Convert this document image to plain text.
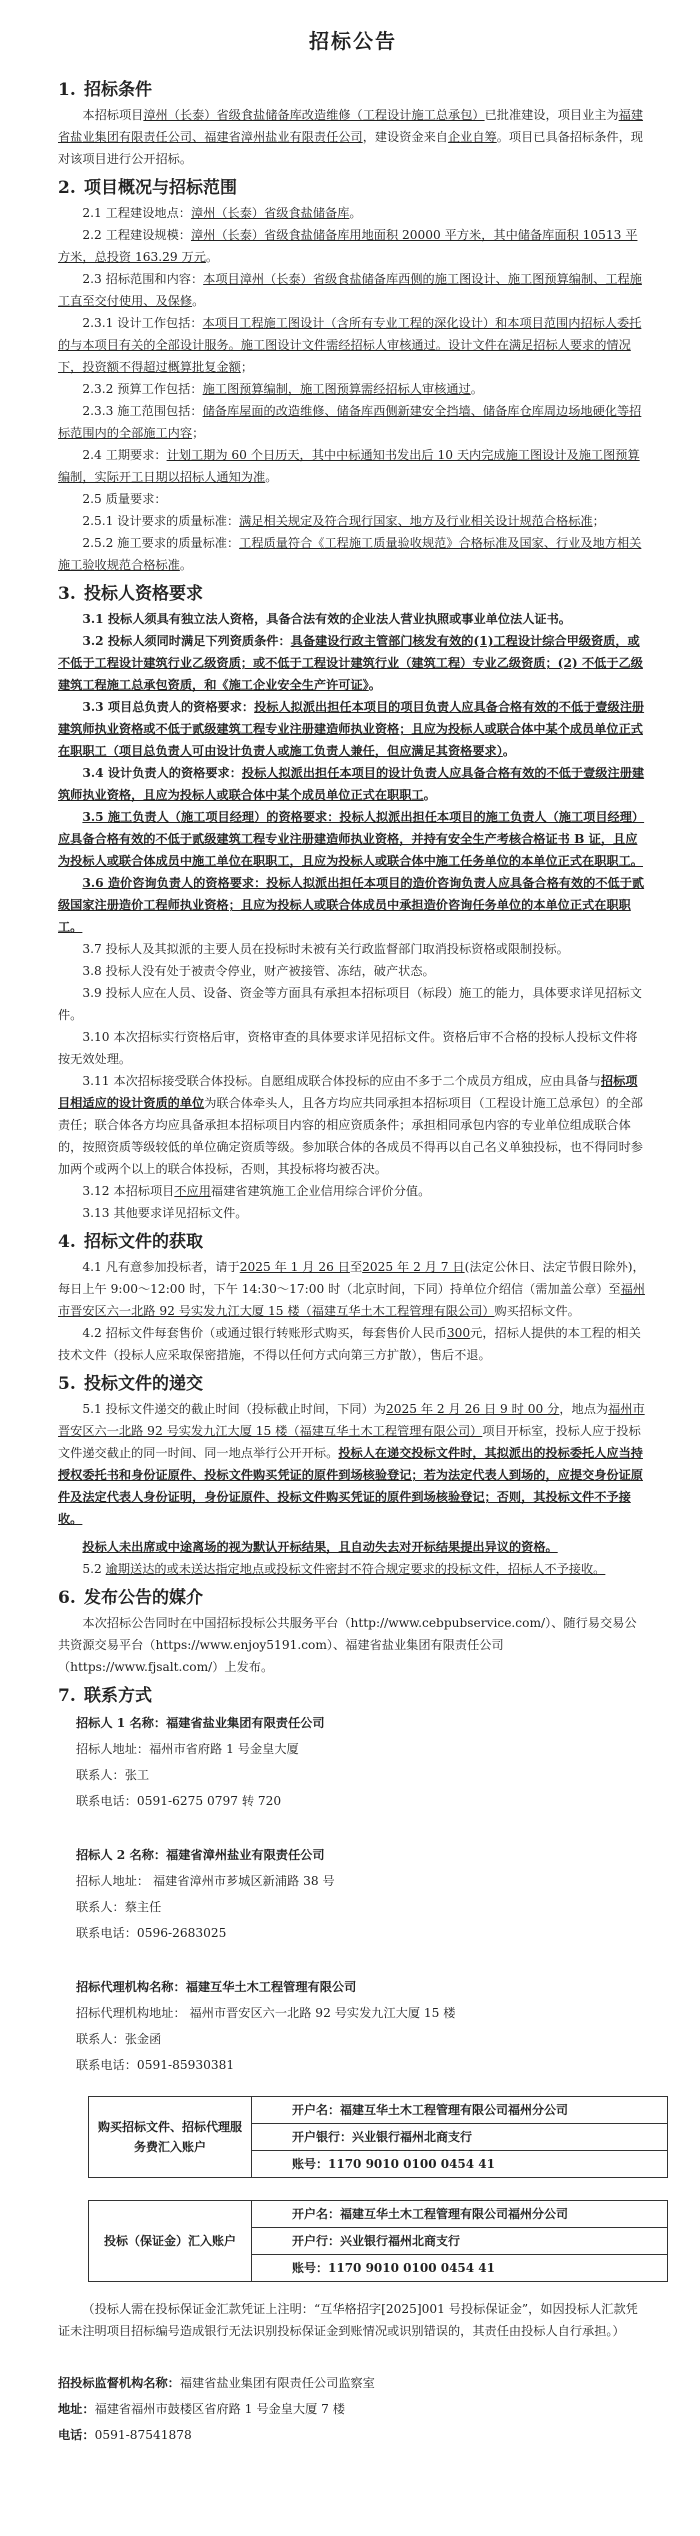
招标公告
1. 招标条件

本招标项目漳州（长泰）省级食盐储备库改造维修（工程设计施工总承包）已批准建设，项目业主为福建省盐业集团有限责任公司、福建省漳州盐业有限责任公司，建设资金来自企业自筹。项目已具备招标条件，现对该项目进行公开招标。

2. 项目概况与招标范围

2.1 工程建设地点：漳州（长泰）省级食盐储备库。

2.2 工程建设规模：漳州（长泰）省级食盐储备库用地面积 20000 平方米，其中储备库面积 10513 平方米，总投资 163.29 万元。

2.3 招标范围和内容：本项目漳州（长泰）省级食盐储备库西侧的施工图设计、施工图预算编制、工程施工直至交付使用、及保修。

2.3.1 设计工作包括：本项目工程施工图设计（含所有专业工程的深化设计）和本项目范围内招标人委托的与本项目有关的全部设计服务。施工图设计文件需经招标人审核通过。设计文件在满足招标人要求的情况下，投资额不得超过概算批复金额；

2.3.2 预算工作包括：施工图预算编制，施工图预算需经招标人审核通过。

2.3.3 施工范围包括：储备库屋面的改造维修、储备库西侧新建安全挡墙、储备库仓库周边场地硬化等招标范围内的全部施工内容；

2.4 工期要求：计划工期为 60 个日历天，其中中标通知书发出后 10 天内完成施工图设计及施工图预算编制，实际开工日期以招标人通知为准。

2.5 质量要求：

2.5.1 设计要求的质量标准：满足相关规定及符合现行国家、地方及行业相关设计规范合格标准；

2.5.2 施工要求的质量标准：工程质量符合《工程施工质量验收规范》合格标准及国家、行业及地方相关施工验收规范合格标准。

3. 投标人资格要求

3.1 投标人须具有独立法人资格，具备合法有效的企业法人营业执照或事业单位法人证书。

3.2 投标人须同时满足下列资质条件：具备建设行政主管部门核发有效的(1)工程设计综合甲级资质，或不低于工程设计建筑行业乙级资质；或不低于工程设计建筑行业（建筑工程）专业乙级资质；(2) 不低于乙级建筑工程施工总承包资质，和《施工企业安全生产许可证》。

3.3 项目总负责人的资格要求：投标人拟派出担任本项目的项目负责人应具备合格有效的不低于壹级注册建筑师执业资格或不低于贰级建筑工程专业注册建造师执业资格；且应为投标人或联合体中某个成员单位正式在职职工（项目总负责人可由设计负责人或施工负责人兼任，但应满足其资格要求）。

3.4 设计负责人的资格要求：投标人拟派出担任本项目的设计负责人应具备合格有效的不低于壹级注册建筑师执业资格，且应为投标人或联合体中某个成员单位正式在职职工。

3.5 施工负责人（施工项目经理）的资格要求：投标人拟派出担任本项目的施工负责人（施工项目经理）应具备合格有效的不低于贰级建筑工程专业注册建造师执业资格，并持有安全生产考核合格证书 B 证，且应为投标人或联合体成员中施工单位在职职工，且应为投标人或联合体中施工任务单位的本单位正式在职职工。

3.6 造价咨询负责人的资格要求：投标人拟派出担任本项目的造价咨询负责人应具备合格有效的不低于贰级国家注册造价工程师执业资格；且应为投标人或联合体成员中承担造价咨询任务单位的本单位正式在职职工。

3.7 投标人及其拟派的主要人员在投标时未被有关行政监督部门取消投标资格或限制投标。

3.8 投标人没有处于被责令停业，财产被接管、冻结，破产状态。

3.9 投标人应在人员、设备、资金等方面具有承担本招标项目（标段）施工的能力，具体要求详见招标文件。

3.10 本次招标实行资格后审，资格审查的具体要求详见招标文件。资格后审不合格的投标人投标文件将按无效处理。

3.11 本次招标接受联合体投标。自愿组成联合体投标的应由不多于二个成员方组成，应由具备与招标项目相适应的设计资质的单位为联合体牵头人，且各方均应共同承担本招标项目（工程设计施工总承包）的全部责任；联合体各方均应具备承担本招标项目内容的相应资质条件；承担相同承包内容的专业单位组成联合体的，按照资质等级较低的单位确定资质等级。参加联合体的各成员不得再以自己名义单独投标，也不得同时参加两个或两个以上的联合体投标，否则，其投标将均被否决。

3.12 本招标项目不应用福建省建筑施工企业信用综合评价分值。

3.13 其他要求详见招标文件。

4. 招标文件的获取

4.1 凡有意参加投标者，请于2025 年 1 月 26 日至2025 年 2 月 7 日(法定公休日、法定节假日除外)，每日上午 9:00～12:00 时，下午 14:30～17:00 时（北京时间，下同）持单位介绍信（需加盖公章）至福州市晋安区六一北路 92 号实发九江大厦 15 楼（福建互华土木工程管理有限公司）购买招标文件。

4.2 招标文件每套售价（或通过银行转账形式购买，每套售价人民币300元，招标人提供的本工程的相关技术文件（投标人应采取保密措施，不得以任何方式向第三方扩散），售后不退。

5. 投标文件的递交

5.1 投标文件递交的截止时间（投标截止时间，下同）为2025 年 2 月 26 日 9 时 00 分，地点为福州市晋安区六一北路 92 号实发九江大厦 15 楼（福建互华土木工程管理有限公司）项目开标室，投标人应于投标文件递交截止的同一时间、同一地点举行公开开标。投标人在递交投标文件时，其拟派出的投标委托人应当持授权委托书和身份证原件、投标文件购买凭证的原件到场核验登记；若为法定代表人到场的，应提交身份证原件及法定代表人身份证明，身份证原件、投标文件购买凭证的原件到场核验登记；否则，其投标文件不予接收。

投标人未出席或中途离场的视为默认开标结果，且自动失去对开标结果提出异议的资格。

5.2 逾期送达的或未送达指定地点或投标文件密封不符合规定要求的投标文件，招标人不予接收。

6. 发布公告的媒介

本次招标公告同时在中国招标投标公共服务平台（http://www.cebpubservice.com/）、随行易交易公共资源交易平台（https://www.enjoy5191.com）、福建省盐业集团有限责任公司（https://www.fjsalt.com/）上发布。

7. 联系方式

招标人 1 名称：福建省盐业集团有限责任公司

招标人地址：福州市省府路 1 号金皇大厦

联系人：张工

联系电话：0591-6275 0797 转 720

招标人 2 名称：福建省漳州盐业有限责任公司

招标人地址： 福建省漳州市芗城区新浦路 38 号

联系人：蔡主任

联系电话：0596-2683025

招标代理机构名称：福建互华土木工程管理有限公司

招标代理机构地址： 福州市晋安区六一北路 92 号实发九江大厦 15 楼

联系人：张金函

联系电话：0591-85930381

购买招标文件、招标代理服务费汇入账户	开户名：福建互华土木工程管理有限公司福州分公司
开户银行：兴业银行福州北商支行
账号：1170 9010 0100 0454 41
投标（保证金）汇入账户	开户名：福建互华土木工程管理有限公司福州分公司
开户行：兴业银行福州北商支行
账号：1170 9010 0100 0454 41

（投标人需在投标保证金汇款凭证上注明：“互华格招字[2025]001 号投标保证金”，如因投标人汇款凭证未注明项目招标编号造成银行无法识别投标保证金到账情况或识别错误的，其责任由投标人自行承担。）

招投标监督机构名称：福建省盐业集团有限责任公司监察室

地址：福建省福州市鼓楼区省府路 1 号金皇大厦 7 楼

电话：0591-87541878
